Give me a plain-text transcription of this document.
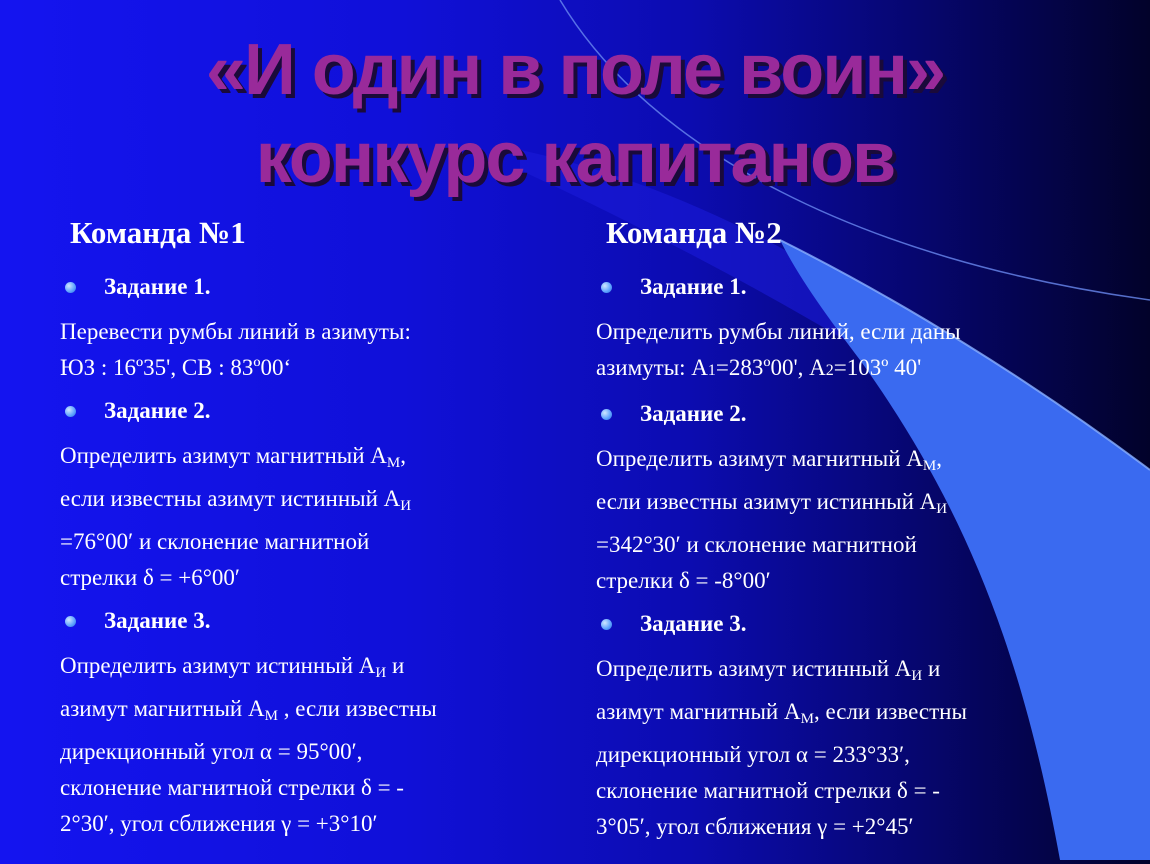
«И один в поле воин»
конкурс капитанов
Команда №1
Задание 1.
Перевести румбы линий в азимуты:
ЮЗ : 16º35', СВ : 83º00‘
Задание 2.
Определить азимут магнитный $А_М$,
если известны азимут истинный $А_И$
=76°00′ и склонение магнитной
стрелки δ = +6°00′
Задание 3.
Определить азимут истинный $А_И$ и
азимут магнитный $А_М$ , если известны
дирекционный угол α = 95°00′,
склонение магнитной стрелки δ = -
2°30′, угол сближения γ = +3°10′
Команда №2
Задание 1.
Определить румбы линий, если даны
азимуты: А1=283º00', А2=103º 40'
Задание 2.
Определить азимут магнитный $А_М$,
если известны азимут истинный $А_И$
=342°30′ и склонение магнитной
стрелки δ = -8°00′
Задание 3.
Определить азимут истинный $А_И$ и
азимут магнитный $А_М$, если известны
дирекционный угол α = 233°33′,
склонение магнитной стрелки δ = -
3°05′, угол сближения γ = +2°45′
